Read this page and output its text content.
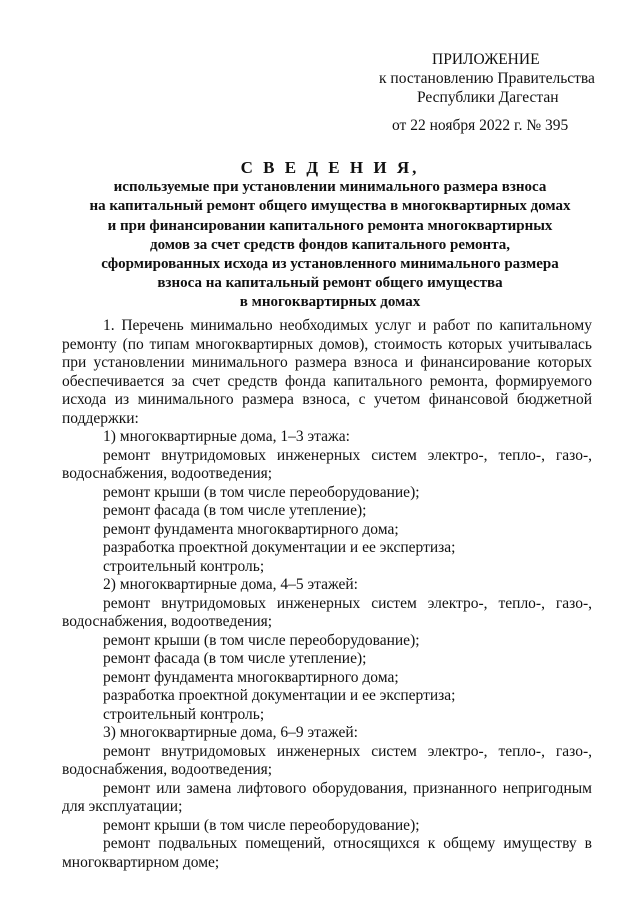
ПРИЛОЖЕНИЕ
к постановлению Правительства
Республики Дагестан
от 22 ноября 2022 г. № 395
С В Е Д Е Н И Я,
используемые при установлении минимального размера взноса
на капитальный ремонт общего имущества в многоквартирных домах
и при финансировании капитального ремонта многоквартирных
домов за счет средств фондов капитального ремонта,
сформированных исхода из установленного минимального размера
взноса на капитальный ремонт общего имущества
в многоквартирных домах

1. Перечень минимально необходимых услуг и работ по капитальному ремонту (по типам многоквартирных домов), стоимость которых учитывалась при установлении минимального размера взноса и финансирование которых обеспечивается за счет средств фонда капитального ремонта, формируемого исхода из минимального размера взноса, с учетом финансовой бюджетной поддержки:

1) многоквартирные дома, 1–3 этажа:

ремонт внутридомовых инженерных систем электро-, тепло-, газо-, водоснабжения, водоотведения;

ремонт крыши (в том числе переоборудование);

ремонт фасада (в том числе утепление);

ремонт фундамента многоквартирного дома;

разработка проектной документации и ее экспертиза;

строительный контроль;

2) многоквартирные дома, 4–5 этажей:

ремонт внутридомовых инженерных систем электро-, тепло-, газо-, водоснабжения, водоотведения;

ремонт крыши (в том числе переоборудование);

ремонт фасада (в том числе утепление);

ремонт фундамента многоквартирного дома;

разработка проектной документации и ее экспертиза;

строительный контроль;

3) многоквартирные дома, 6–9 этажей:

ремонт внутридомовых инженерных систем электро-, тепло-, газо-, водоснабжения, водоотведения;

ремонт или замена лифтового оборудования, признанного непригодным для эксплуатации;

ремонт крыши (в том числе переоборудование);

ремонт подвальных помещений, относящихся к общему имуществу в многоквартирном доме;
